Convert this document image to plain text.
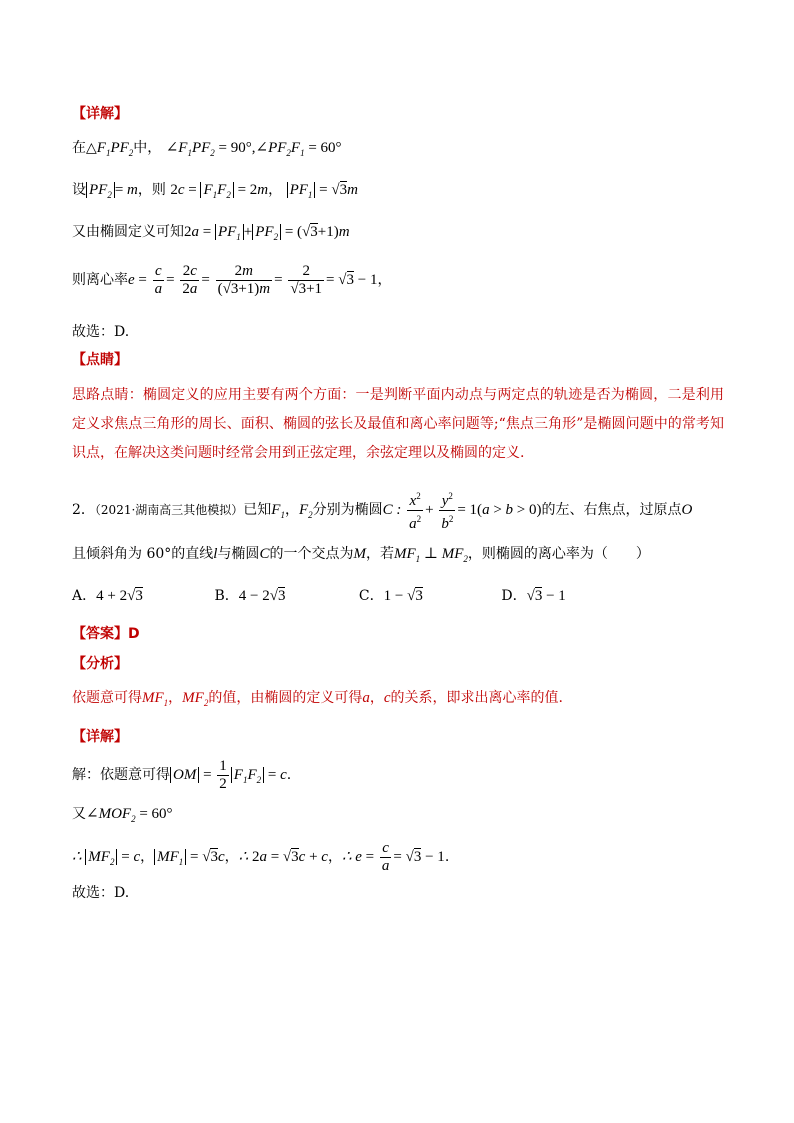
【详解】
在$\triangle F_1PF_2$中， $\angle F_1PF_2$ = $90^\circ,\angle PF_2F_1 = 60^\circ$
设 $PF_2 = m$，则 $2c = F_1F_2 = 2m$， $PF_1 = √3m$
又由椭圆定义可知$2a = PF_1 + PF_2 = (√3+1)m$
则离心率$e = \frac{c}{a} = \frac{2c}{2a} = \frac{2m}{(√3+1)m} = \frac{2}{√3+1} = √3 - 1$，
故选：D.
【点睛】
思路点睛：椭圆定义的应用主要有两个方面：一是判断平面内动点与两定点的轨迹是否为椭圆，二是利用定义求焦点三角形的周长、面积、椭圆的弦长及最值和离心率问题等;“焦点三角形”是椭圆问题中的常考知识点，在解决这类问题时经常会用到正弦定理，余弦定理以及椭圆的定义.
2．（2021·湖南高三其他模拟）已知$F_1$，$F_2$分别为椭圆C : $\frac{x^2}{a^2} + \frac{y^2}{b^2} = 1(a > b > 0)$的左、右焦点，过原点O
且倾斜角为 60°的直线l与椭圆C的一个交点为M，若$MF_1$ ⊥ $MF_2$，则椭圆的离心率为（　　）
A．4 + 2√3	B．4 − 2√3	C．1 − √3	D．√3 − 1
【答案】D
【分析】
依题意可得$MF_1$，$MF_2$的值，由椭圆的定义可得a，c的关系，即求出离心率的值.
【详解】
解：依题意可得 OM = $\frac{1}{2} F_1F_2 = c$.
又$\angle MOF_2 = 60^\circ$
∴ $MF_2 = c$， $MF_1 = √3c$，∴ 2a = √3c + c，∴ $e = \frac{c}{a} = √3 - 1$.
故选：D.
